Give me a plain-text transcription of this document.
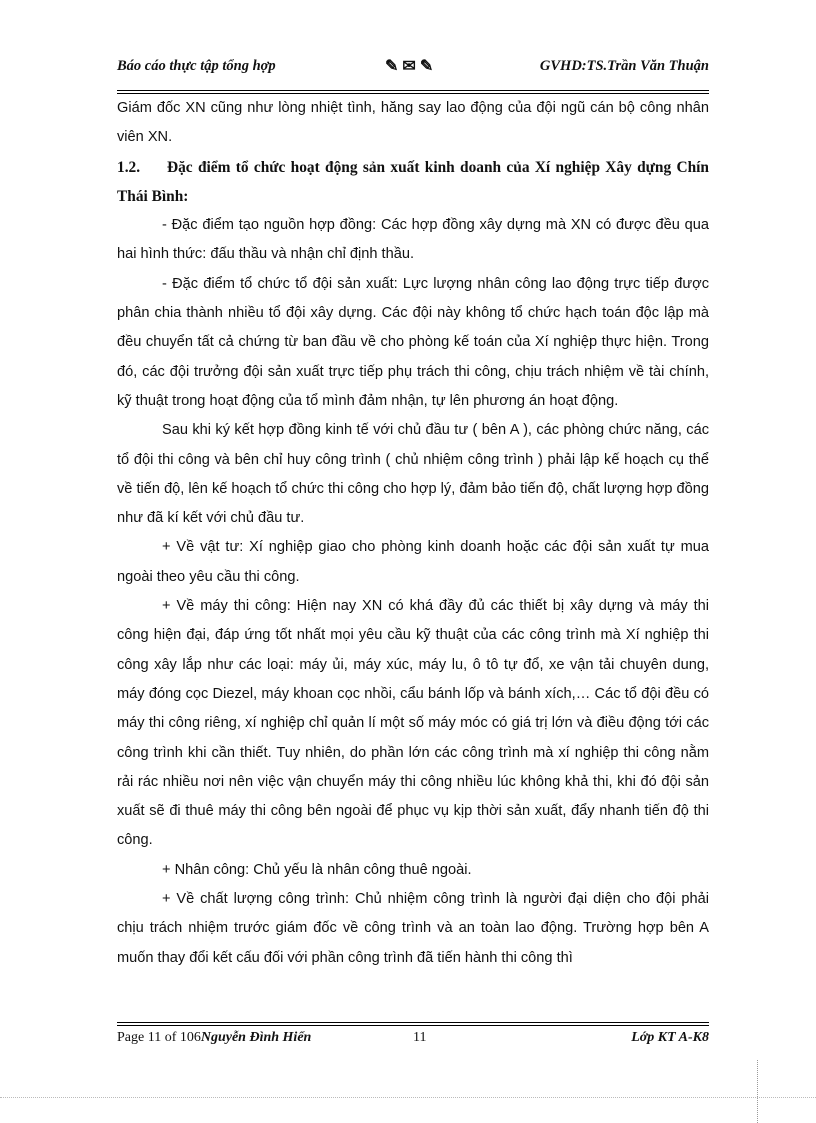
Báo cáo thực tập tổng hợp	✎ ✉ ✎	GVHD:TS.Trần Văn Thuận

Giám đốc XN cũng như lòng nhiệt tình, hăng say lao động của đội ngũ cán bộ công nhân viên XN.

1.2. Đặc điểm tổ chức hoạt động sản xuất kinh doanh của Xí nghiệp Xây dựng Chín Thái Bình:

- Đặc điểm tạo nguồn hợp đồng: Các hợp đồng xây dựng mà XN có được đều qua hai hình thức: đấu thầu và nhận chỉ định thầu.

- Đặc điểm tổ chức tổ đội sản xuất: Lực lượng nhân công lao động trực tiếp được phân chia thành nhiều tổ đội xây dựng. Các đội này không tổ chức hạch toán độc lập mà đều chuyển tất cả chứng từ ban đầu về cho phòng kế toán của Xí nghiệp thực hiện. Trong đó, các đội trưởng đội sản xuất trực tiếp phụ trách thi công, chịu trách nhiệm về tài chính, kỹ thuật trong hoạt động của tổ mình đảm nhận, tự lên phương án hoạt động.

Sau khi ký kết hợp đồng kinh tế với chủ đầu tư ( bên A ), các phòng chức năng, các tổ đội thi công và bên chỉ huy công trình ( chủ nhiệm công trình ) phải lập kế hoạch cụ thể về tiến độ, lên kế hoạch tổ chức thi công cho hợp lý, đảm bảo tiến độ, chất lượng hợp đồng như đã kí kết với chủ đầu tư.

+ Về vật tư: Xí nghiệp giao cho phòng kinh doanh hoặc các đội sản xuất tự mua ngoài theo yêu cầu thi công.

+ Về máy thi công: Hiện nay XN có khá đầy đủ các thiết bị xây dựng và máy thi công hiện đại, đáp ứng tốt nhất mọi yêu cầu kỹ thuật của các công trình mà Xí nghiệp thi công xây lắp như các loại: máy ủi, máy xúc, máy lu, ô tô tự đổ, xe vận tải chuyên dung, máy đóng cọc Diezel, máy khoan cọc nhồi, cẩu bánh lốp và bánh xích,… Các tổ đội đều có máy thi công riêng, xí nghiệp chỉ quản lí một số máy móc có giá trị lớn và điều động tới các công trình khi cần thiết. Tuy nhiên, do phần lớn các công trình mà xí nghiệp thi công nằm rải rác nhiều nơi nên việc vận chuyển máy thi công nhiều lúc không khả thi, khi đó đội sản xuất sẽ đi thuê máy thi công bên ngoài để phục vụ kịp thời sản xuất, đẩy nhanh tiến độ thi công.

+ Nhân công: Chủ yếu là nhân công thuê ngoài.

+ Về chất lượng công trình: Chủ nhiệm công trình là người đại diện cho đội phải chịu trách nhiệm trước giám đốc về công trình và an toàn lao động. Trường hợp bên A muốn thay đổi kết cấu đối với phần công trình đã tiến hành thi công thì

Page 11 of 106Nguyễn Đình Hiển	11	Lớp KT A-K8
